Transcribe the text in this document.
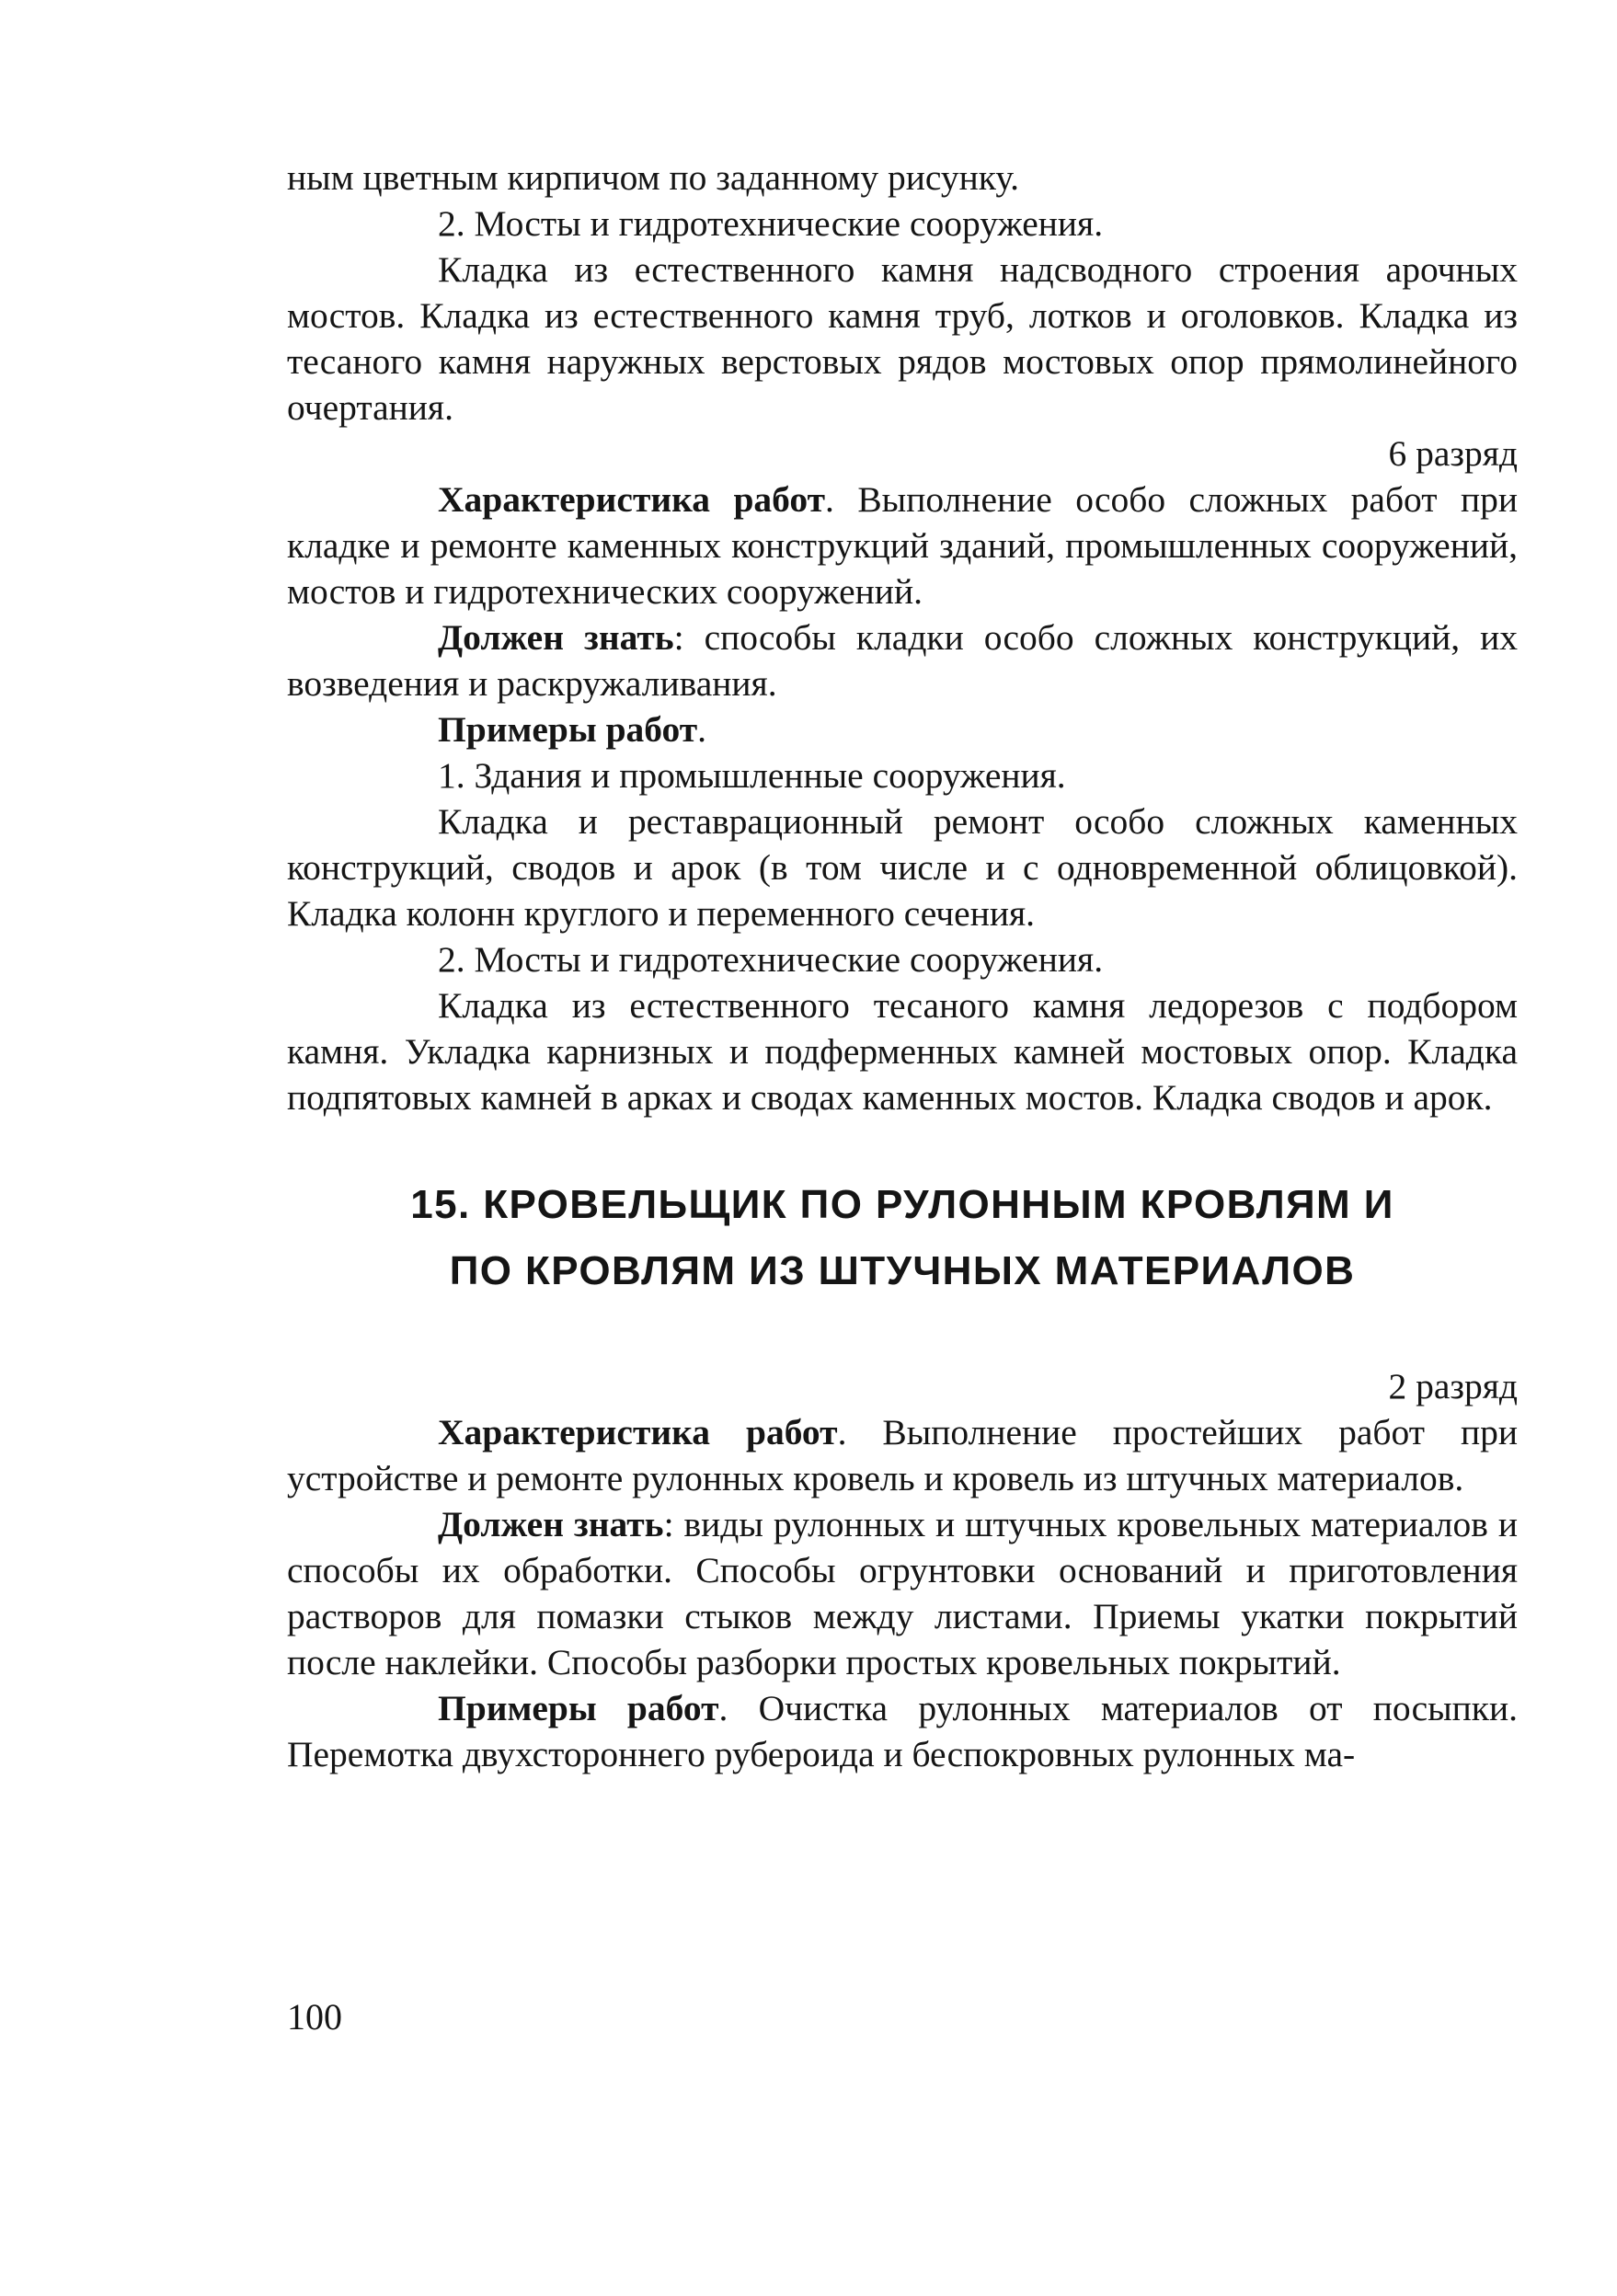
ным цветным кирпичом по заданному рисунку.

2. Мосты и гидротехнические сооружения.

Кладка из естественного камня надсводного строения арочных мостов. Кладка из естественного камня труб, лотков и оголовков. Кладка из тесаного камня наружных верстовых рядов мостовых опор прямолинейного очертания.

6 разряд

Характеристика работ. Выполнение особо сложных работ при кладке и ремонте каменных конструкций зданий, промышленных сооружений, мостов и гидротехнических сооружений.

Должен знать: способы кладки особо сложных конструкций, их возведения и раскружаливания.

Примеры работ.

1. Здания и промышленные сооружения.

Кладка и реставрационный ремонт особо сложных каменных конструкций, сводов и арок (в том числе и с одновременной облицовкой). Кладка колонн круглого и переменного сечения.

2. Мосты и гидротехнические сооружения.

Кладка из естественного тесаного камня ледорезов с подбором камня. Укладка карнизных и подферменных камней мостовых опор. Кладка подпятовых камней в арках и сводах каменных мостов. Кладка сводов и арок.

15. КРОВЕЛЬЩИК ПО РУЛОННЫМ КРОВЛЯМ И
ПО КРОВЛЯМ ИЗ ШТУЧНЫХ МАТЕРИАЛОВ

2 разряд

Характеристика работ. Выполнение простейших работ при устройстве и ремонте рулонных кровель и кровель из штучных материалов.

Должен знать: виды рулонных и штучных кровельных материалов и способы их обработки. Способы огрунтовки оснований и приготовления растворов для помазки стыков между листами. Приемы укатки покрытий после наклейки. Способы разборки простых кровельных покрытий.

Примеры работ. Очистка рулонных материалов от посыпки. Перемотка двухстороннего рубероида и беспокровных рулонных ма-

100
